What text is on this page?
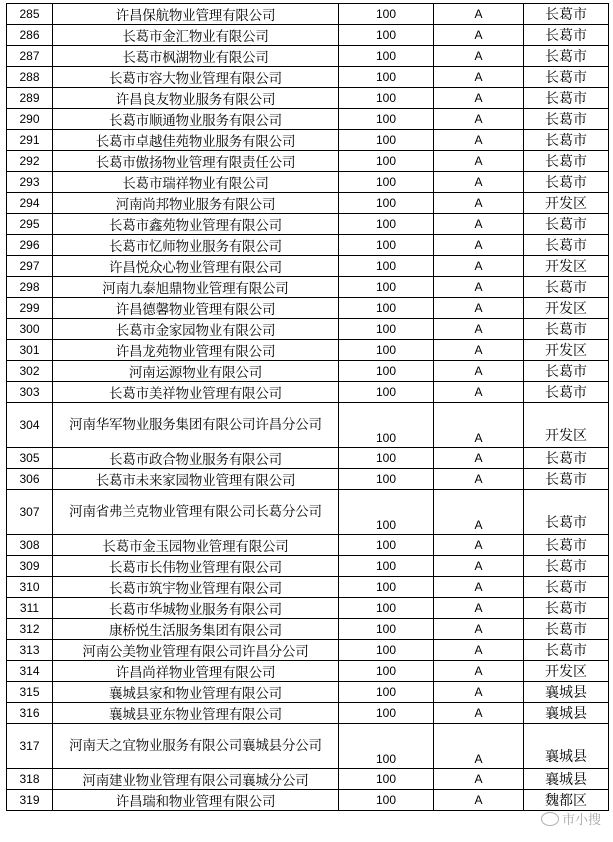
285	许昌保航物业管理有限公司	100	A	长葛市
286	长葛市金汇物业有限公司	100	A	长葛市
287	长葛市枫湖物业有限公司	100	A	长葛市
288	长葛市容大物业管理有限公司	100	A	长葛市
289	许昌良友物业服务有限公司	100	A	长葛市
290	长葛市顺通物业服务有限公司	100	A	长葛市
291	长葛市卓越佳苑物业服务有限公司	100	A	长葛市
292	长葛市傲扬物业管理有限责任公司	100	A	长葛市
293	长葛市瑞祥物业有限公司	100	A	长葛市
294	河南尚邦物业服务有限公司	100	A	开发区
295	长葛市鑫苑物业管理有限公司	100	A	长葛市
296	长葛市忆师物业服务有限公司	100	A	长葛市
297	许昌悦众心物业管理有限公司	100	A	开发区
298	河南九泰旭鼎物业管理有限公司	100	A	长葛市
299	许昌德馨物业管理有限公司	100	A	开发区
300	长葛市金家园物业有限公司	100	A	长葛市
301	许昌龙苑物业管理有限公司	100	A	开发区
302	河南运源物业有限公司	100	A	长葛市
303	长葛市美祥物业管理有限公司	100	A	长葛市
304	河南华军物业服务集团有限公司许昌分公司	100	A	开发区
305	长葛市政合物业服务有限公司	100	A	长葛市
306	长葛市未来家园物业管理有限公司	100	A	长葛市
307	河南省弗兰克物业管理有限公司长葛分公司	100	A	长葛市
308	长葛市金玉园物业管理有限公司	100	A	长葛市
309	长葛市长伟物业管理有限公司	100	A	长葛市
310	长葛市筑宇物业管理有限公司	100	A	长葛市
311	长葛市华城物业服务有限公司	100	A	长葛市
312	康桥悦生活服务集团有限公司	100	A	长葛市
313	河南公美物业管理有限公司许昌分公司	100	A	长葛市
314	许昌尚祥物业管理有限公司	100	A	开发区
315	襄城县家和物业管理有限公司	100	A	襄城县
316	襄城县亚东物业管理有限公司	100	A	襄城县
317	河南天之宜物业服务有限公司襄城县分公司	100	A	襄城县
318	河南建业物业管理有限公司襄城分公司	100	A	襄城县
319	许昌瑞和物业管理有限公司	100	A	魏都区
市小搜
